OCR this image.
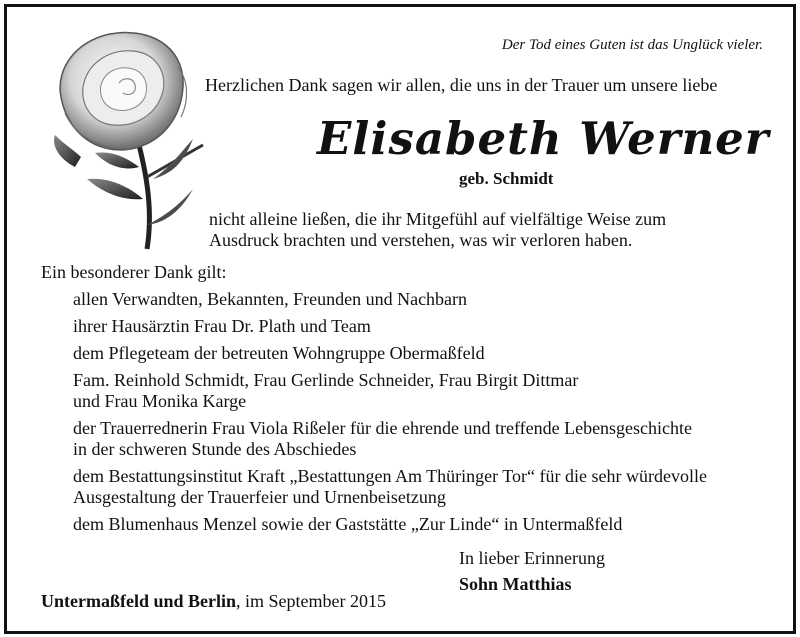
Der Tod eines Guten ist das Unglück vieler.
Herzlichen Dank sagen wir allen, die uns in der Trauer um unsere liebe
Elisabeth Werner
geb. Schmidt
nicht alleine ließen, die ihr Mitgefühl auf vielfältige Weise zum
Ausdruck brachten und verstehen, was wir verloren haben.
Ein besonderer Dank gilt:
allen Verwandten, Bekannten, Freunden und Nachbarn
ihrer Hausärztin Frau Dr. Plath und Team
dem Pflegeteam der betreuten Wohngruppe Obermaßfeld
Fam. Reinhold Schmidt, Frau Gerlinde Schneider, Frau Birgit Dittmar
und Frau Monika Karge
der Trauerrednerin Frau Viola Rißeler für die ehrende und treffende Lebensgeschichte
in der schweren Stunde des Abschiedes
dem Bestattungsinstitut Kraft „Bestattungen Am Thüringer Tor“ für die sehr würdevolle
Ausgestaltung der Trauerfeier und Urnenbeisetzung
dem Blumenhaus Menzel sowie der Gaststätte „Zur Linde“ in Untermaßfeld
In lieber Erinnerung
Sohn Matthias
Untermaßfeld und Berlin, im September 2015
